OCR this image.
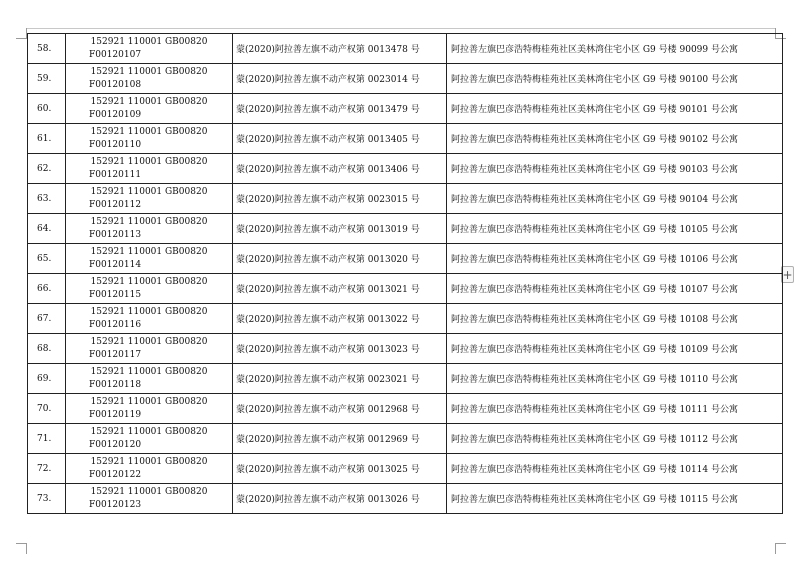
+
58.	152921 110001 GB00820
F00120107	蒙(2020)阿拉善左旗不动产权第 0013478 号	阿拉善左旗巴彦浩特梅桂苑社区美林湾住宅小区 G9 号楼 90099 号公寓
59.	152921 110001 GB00820
F00120108	蒙(2020)阿拉善左旗不动产权第 0023014 号	阿拉善左旗巴彦浩特梅桂苑社区美林湾住宅小区 G9 号楼 90100 号公寓
60.	152921 110001 GB00820
F00120109	蒙(2020)阿拉善左旗不动产权第 0013479 号	阿拉善左旗巴彦浩特梅桂苑社区美林湾住宅小区 G9 号楼 90101 号公寓
61.	152921 110001 GB00820
F00120110	蒙(2020)阿拉善左旗不动产权第 0013405 号	阿拉善左旗巴彦浩特梅桂苑社区美林湾住宅小区 G9 号楼 90102 号公寓
62.	152921 110001 GB00820
F00120111	蒙(2020)阿拉善左旗不动产权第 0013406 号	阿拉善左旗巴彦浩特梅桂苑社区美林湾住宅小区 G9 号楼 90103 号公寓
63.	152921 110001 GB00820
F00120112	蒙(2020)阿拉善左旗不动产权第 0023015 号	阿拉善左旗巴彦浩特梅桂苑社区美林湾住宅小区 G9 号楼 90104 号公寓
64.	152921 110001 GB00820
F00120113	蒙(2020)阿拉善左旗不动产权第 0013019 号	阿拉善左旗巴彦浩特梅桂苑社区美林湾住宅小区 G9 号楼 10105 号公寓
65.	152921 110001 GB00820
F00120114	蒙(2020)阿拉善左旗不动产权第 0013020 号	阿拉善左旗巴彦浩特梅桂苑社区美林湾住宅小区 G9 号楼 10106 号公寓
66.	152921 110001 GB00820
F00120115	蒙(2020)阿拉善左旗不动产权第 0013021 号	阿拉善左旗巴彦浩特梅桂苑社区美林湾住宅小区 G9 号楼 10107 号公寓
67.	152921 110001 GB00820
F00120116	蒙(2020)阿拉善左旗不动产权第 0013022 号	阿拉善左旗巴彦浩特梅桂苑社区美林湾住宅小区 G9 号楼 10108 号公寓
68.	152921 110001 GB00820
F00120117	蒙(2020)阿拉善左旗不动产权第 0013023 号	阿拉善左旗巴彦浩特梅桂苑社区美林湾住宅小区 G9 号楼 10109 号公寓
69.	152921 110001 GB00820
F00120118	蒙(2020)阿拉善左旗不动产权第 0023021 号	阿拉善左旗巴彦浩特梅桂苑社区美林湾住宅小区 G9 号楼 10110 号公寓
70.	152921 110001 GB00820
F00120119	蒙(2020)阿拉善左旗不动产权第 0012968 号	阿拉善左旗巴彦浩特梅桂苑社区美林湾住宅小区 G9 号楼 10111 号公寓
71.	152921 110001 GB00820
F00120120	蒙(2020)阿拉善左旗不动产权第 0012969 号	阿拉善左旗巴彦浩特梅桂苑社区美林湾住宅小区 G9 号楼 10112 号公寓
72.	152921 110001 GB00820
F00120122	蒙(2020)阿拉善左旗不动产权第 0013025 号	阿拉善左旗巴彦浩特梅桂苑社区美林湾住宅小区 G9 号楼 10114 号公寓
73.	152921 110001 GB00820
F00120123	蒙(2020)阿拉善左旗不动产权第 0013026 号	阿拉善左旗巴彦浩特梅桂苑社区美林湾住宅小区 G9 号楼 10115 号公寓
